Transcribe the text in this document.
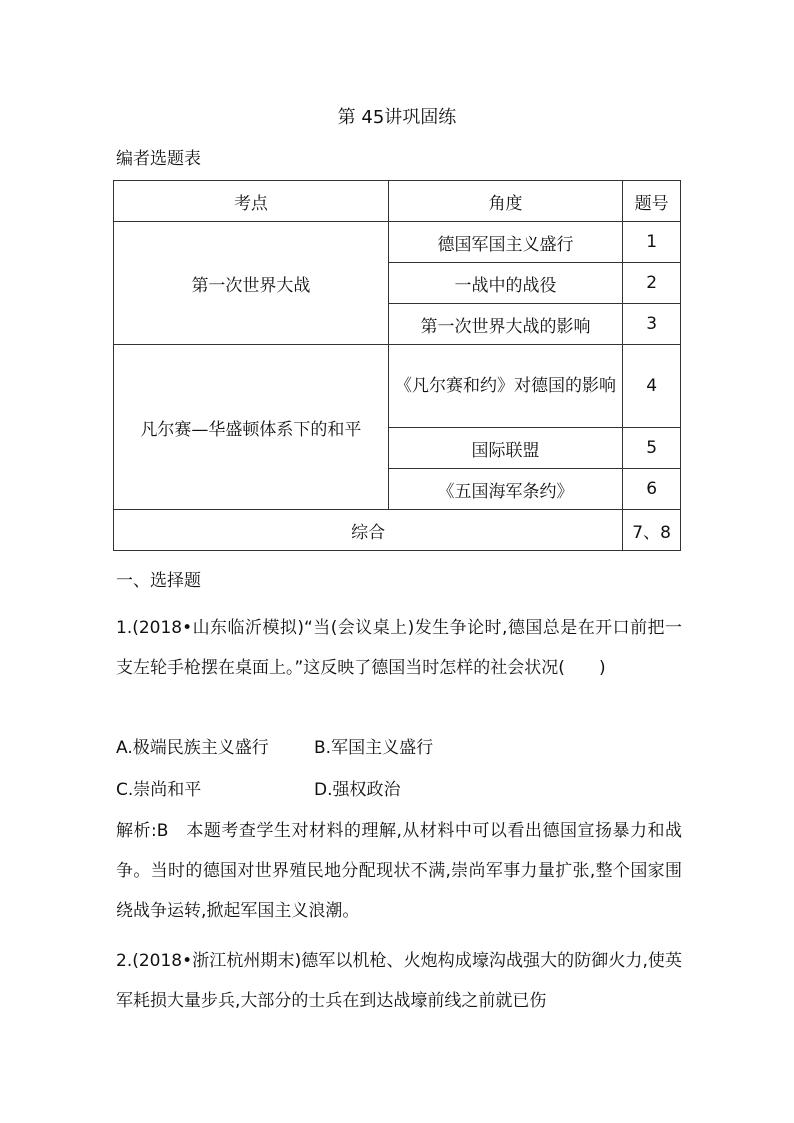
第 45讲巩固练
编者选题表
考点	角度	题号
第一次世界大战	德国军国主义盛行	1
	一战中的战役	2
	第一次世界大战的影响	3
凡尔赛—华盛顿体系下的和平	《凡尔赛和约》对德国的影响	4
	国际联盟	5
	《五国海军条约》	6
综合		7、8
一、选择题
1.(2018•山东临沂模拟)“当(会议桌上)发生争论时,德国总是在开口前把一支左轮手枪摆在桌面上。”这反映了德国当时怎样的社会状况(　　)
A.极端民族主义盛行	B.军国主义盛行
C.崇尚和平	D.强权政治
解析:B　本题考查学生对材料的理解,从材料中可以看出德国宣扬暴力和战争。当时的德国对世界殖民地分配现状不满,崇尚军事力量扩张,整个国家围绕战争运转,掀起军国主义浪潮。
2.(2018•浙江杭州期末)德军以机枪、火炮构成壕沟战强大的防御火力,使英军耗损大量步兵,大部分的士兵在到达战壕前线之前就已伤
